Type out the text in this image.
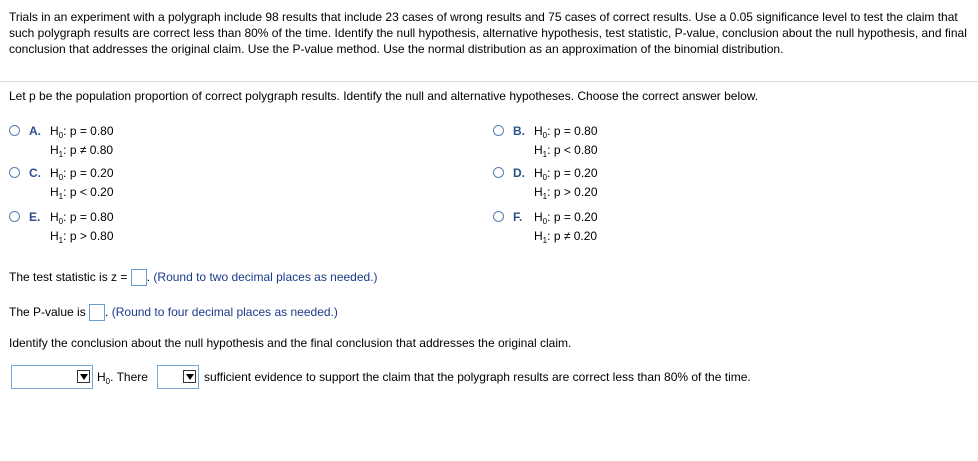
Trials in an experiment with a polygraph include 98 results that include 23 cases of wrong results and 75 cases of correct results. Use a 0.05 significance level to test the claim that such polygraph results are correct less than 80% of the time. Identify the null hypothesis, alternative hypothesis, test statistic, P-value, conclusion about the null hypothesis, and final conclusion that addresses the original claim. Use the P-value method. Use the normal distribution as an approximation of the binomial distribution.
Let p be the population proportion of correct polygraph results. Identify the null and alternative hypotheses. Choose the correct answer below.
A. $H_0$: p = 0.80
$H_1$: p ≠ 0.80
B. $H_0$: p = 0.80
$H_1$: p < 0.80
C. $H_0$: p = 0.20
$H_1$: p < 0.20
D. $H_0$: p = 0.20
$H_1$: p > 0.20
E. $H_0$: p = 0.80
$H_1$: p > 0.80
F. $H_0$: p = 0.20
$H_1$: p ≠ 0.20
The test statistic is z = . (Round to two decimal places as needed.)
The P-value is . (Round to four decimal places as needed.)
Identify the conclusion about the null hypothesis and the final conclusion that addresses the original claim.
$H_0$. There	sufficient evidence to support the claim that the polygraph results are correct less than 80% of the time.
